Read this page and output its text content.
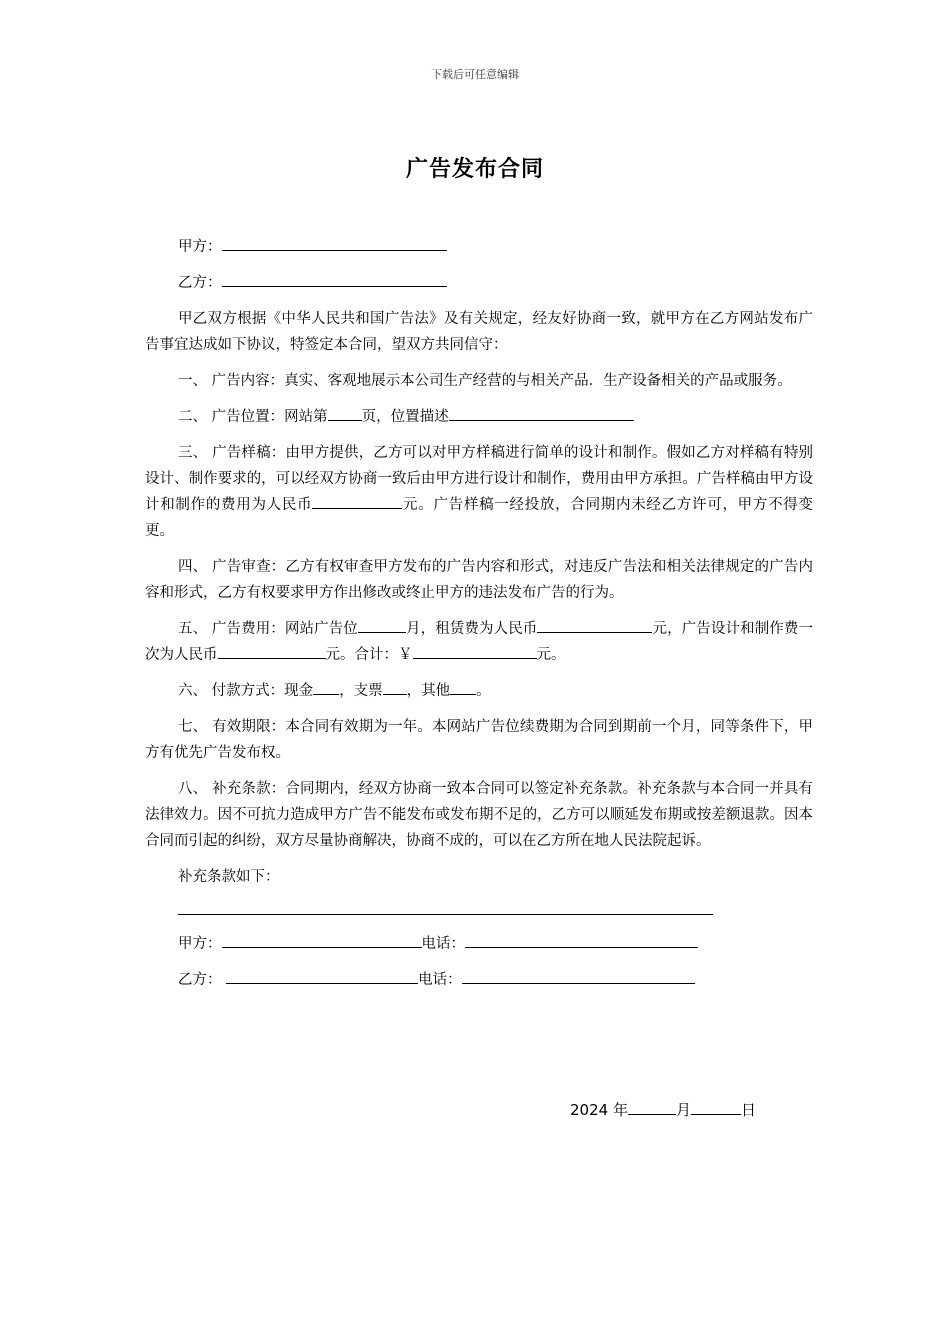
下载后可任意编辑
广告发布合同
甲方：
乙方：

甲乙双方根据《中华人民共和国广告法》及有关规定，经友好协商一致，就甲方在乙方网站发布广告事宜达成如下协议，特签定本合同，望双方共同信守：

一、 广告内容：真实、客观地展示本公司生产经营的与相关产品．生产设备相关的产品或服务。

二、 广告位置：网站第 页，位置描述

三、 广告样稿：由甲方提供，乙方可以对甲方样稿进行简单的设计和制作。假如乙方对样稿有特别设计、制作要求的，可以经双方协商一致后由甲方进行设计和制作，费用由甲方承担。广告样稿由甲方设计和制作的费用为人民币	元。广告样稿一经投放，合同期内未经乙方许可，甲方不得变更。

四、 广告审查：乙方有权审查甲方发布的广告内容和形式，对违反广告法和相关法律规定的广告内容和形式，乙方有权要求甲方作出修改或终止甲方的违法发布广告的行为。

五、 广告费用：网站广告位	月，租赁费为人民币	元，广告设计和制作费一次为人民币	元。合计：￥	元。

六、 付款方式：现金 ，支票 ，其他 。

七、 有效期限：本合同有效期为一年。本网站广告位续费期为合同到期前一个月，同等条件下，甲方有优先广告发布权。

八、 补充条款：合同期内，经双方协商一致本合同可以签定补充条款。补充条款与本合同一并具有法律效力。因不可抗力造成甲方广告不能发布或发布期不足的，乙方可以顺延发布期或按差额退款。因本合同而引起的纠纷，双方尽量协商解决，协商不成的，可以在乙方所在地人民法院起诉。

补充条款如下：
甲方：	电话：
乙方：	电话：
2024 年	月	日
